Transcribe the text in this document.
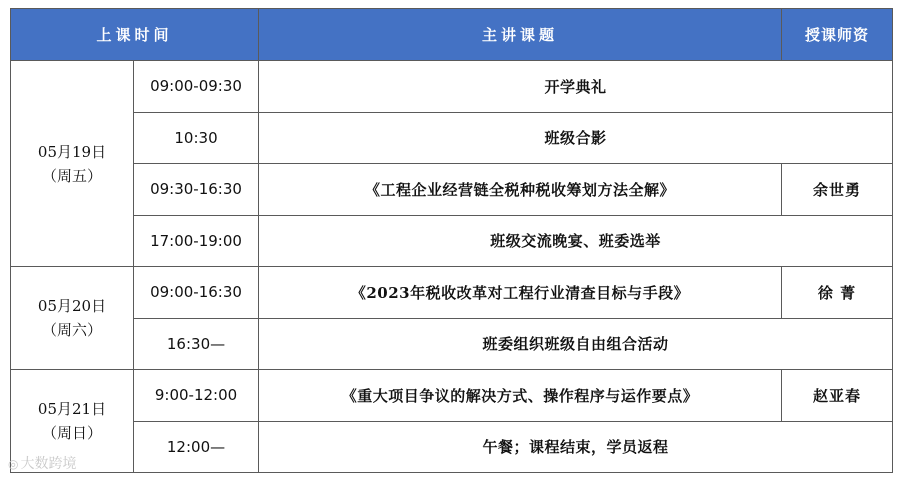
上课时间		主讲课题	授课师资

05月19日
（周五）	09:00-09:30	开学典礼	
	10:30	班级合影	
	09:30-16:30	《工程企业经营链全税种税收筹划方法全解》	余世勇
	17:00-19:00	班级交流晚宴、班委选举	

05月20日
（周六）	09:00-16:30	《2023年税收改革对工程行业清查目标与手段》	徐 菁
	16:30—	班委组织班级自由组合活动	

05月21日
（周日）	9:00-12:00	《重大项目争议的解决方式、操作程序与运作要点》	赵亚春
	12:00—	午餐；课程结束，学员返程	
◎ 大数跨境
